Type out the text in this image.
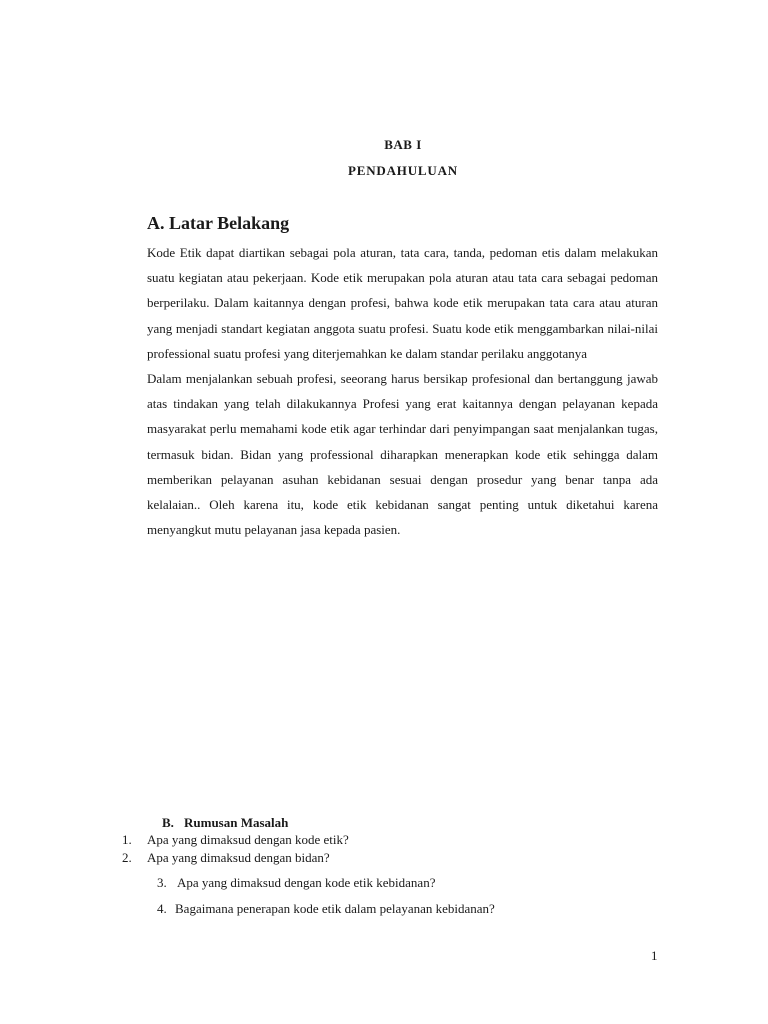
BAB I
PENDAHULUAN
A. Latar Belakang

Kode Etik dapat diartikan sebagai pola aturan, tata cara, tanda, pedoman etis dalam melakukan suatu kegiatan atau pekerjaan. Kode etik merupakan pola aturan atau tata cara sebagai pedoman berperilaku. Dalam kaitannya dengan profesi, bahwa kode etik merupakan tata cara atau aturan yang menjadi standart kegiatan anggota suatu profesi. Suatu kode etik menggambarkan nilai-nilai professional suatu profesi yang diterjemahkan ke dalam standar perilaku anggotanya

Dalam menjalankan sebuah profesi, seeorang harus bersikap profesional dan bertanggung jawab atas tindakan yang telah dilakukannya Profesi yang erat kaitannya dengan pelayanan kepada masyarakat perlu memahami kode etik agar terhindar dari penyimpangan saat menjalankan tugas, termasuk bidan. Bidan yang professional diharapkan menerapkan kode etik sehingga dalam memberikan pelayanan asuhan kebidanan sesuai dengan prosedur yang benar tanpa ada kelalaian.. Oleh karena itu, kode etik kebidanan sangat penting untuk diketahui karena menyangkut mutu pelayanan jasa kepada pasien.

B. Rumusan Masalah
1. Apa yang dimaksud dengan kode etik?
2. Apa yang dimaksud dengan bidan?
3. Apa yang dimaksud dengan kode etik kebidanan?
4. Bagaimana penerapan kode etik dalam pelayanan kebidanan?
1
